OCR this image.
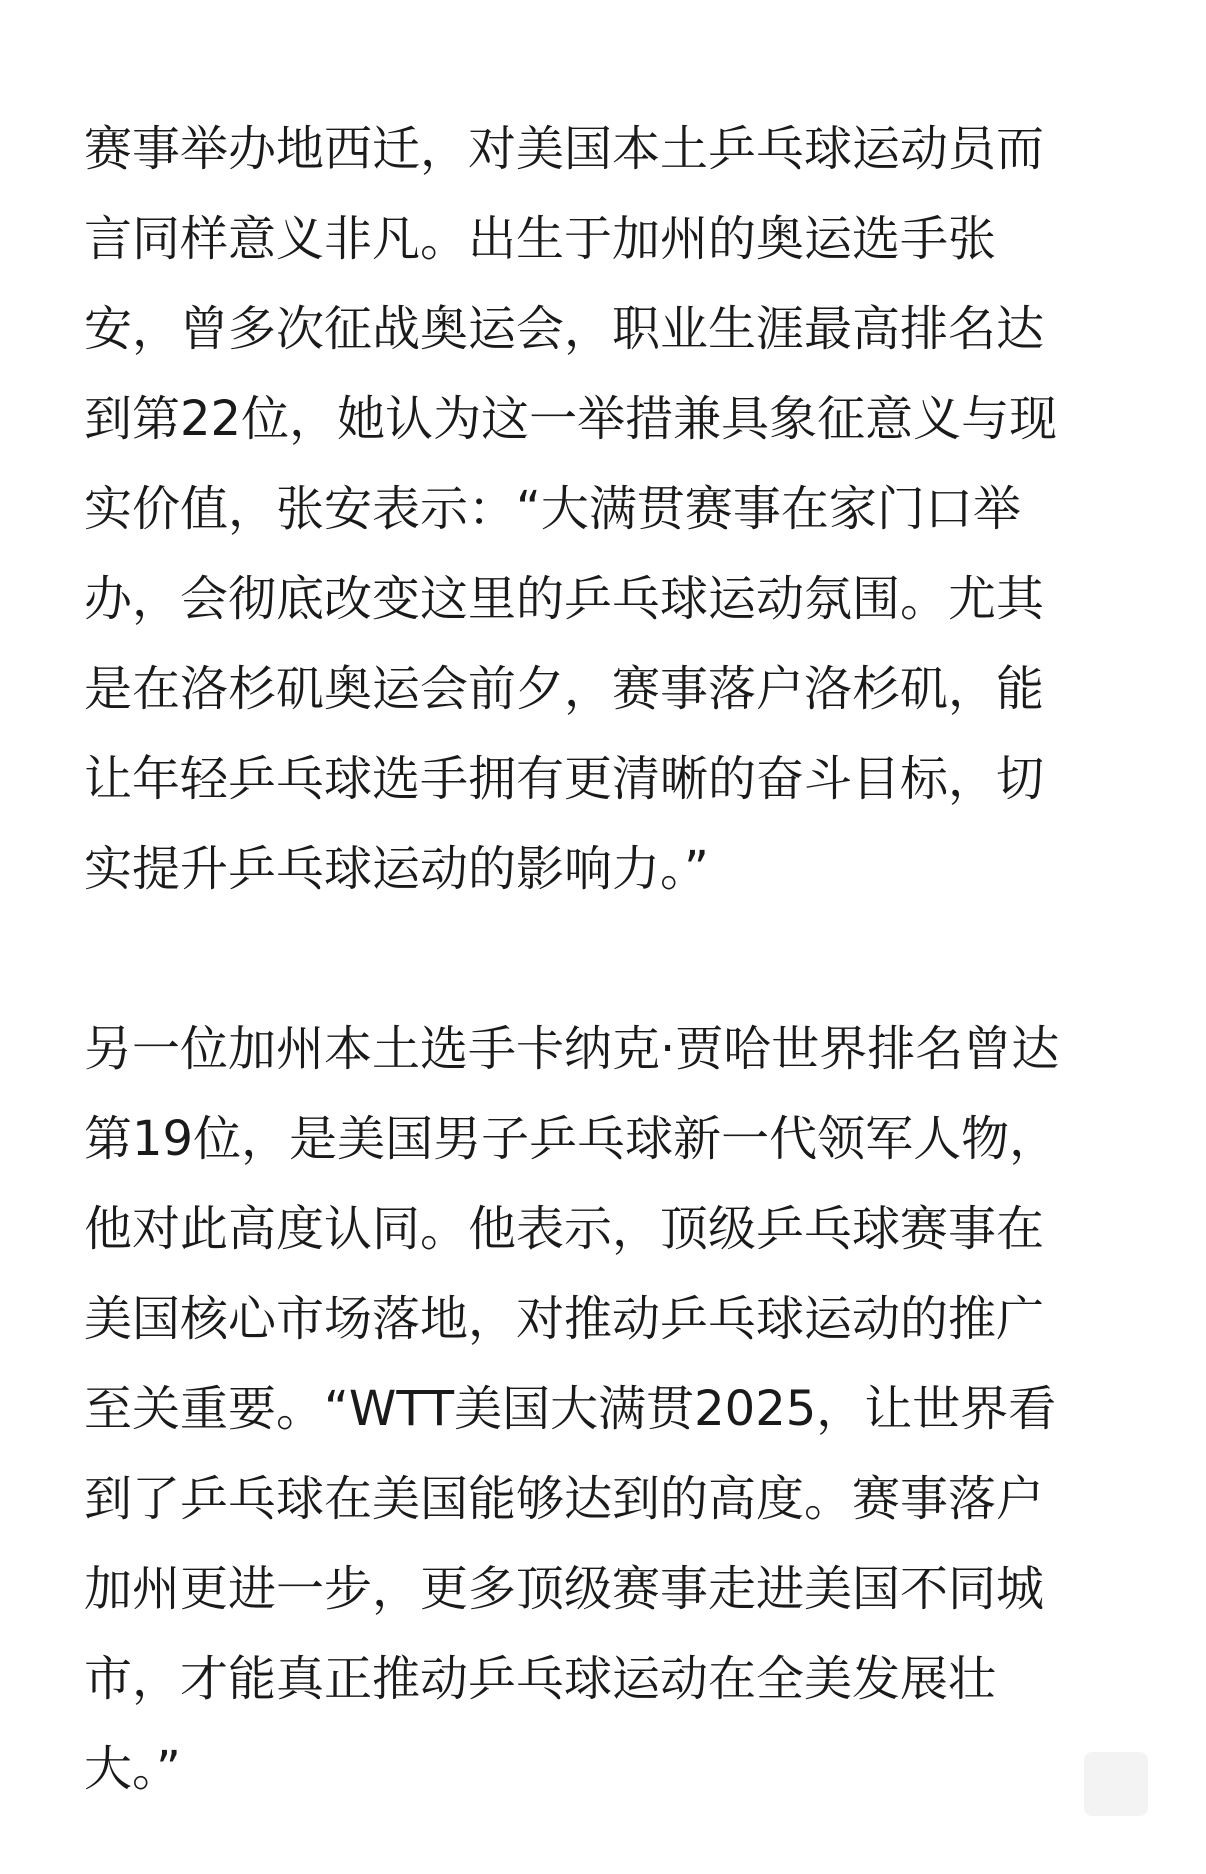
赛事举办地西迁，对美国本土乒乓球运动员而
言同样意义非凡。出生于加州的奥运选手张
安，曾多次征战奥运会，职业生涯最高排名达
到第22位，她认为这一举措兼具象征意义与现
实价值，张安表示：“大满贯赛事在家门口举
办，会彻底改变这里的乒乓球运动氛围。尤其
是在洛杉矶奥运会前夕，赛事落户洛杉矶，能
让年轻乒乓球选手拥有更清晰的奋斗目标，切
实提升乒乓球运动的影响力。”

另一位加州本土选手卡纳克·贾哈世界排名曾达
第19位，是美国男子乒乓球新一代领军人物，
他对此高度认同。他表示，顶级乒乓球赛事在
美国核心市场落地，对推动乒乓球运动的推广
至关重要。“WTT美国大满贯2025，让世界看
到了乒乓球在美国能够达到的高度。赛事落户
加州更进一步，更多顶级赛事走进美国不同城
市，才能真正推动乒乓球运动在全美发展壮
大。”
